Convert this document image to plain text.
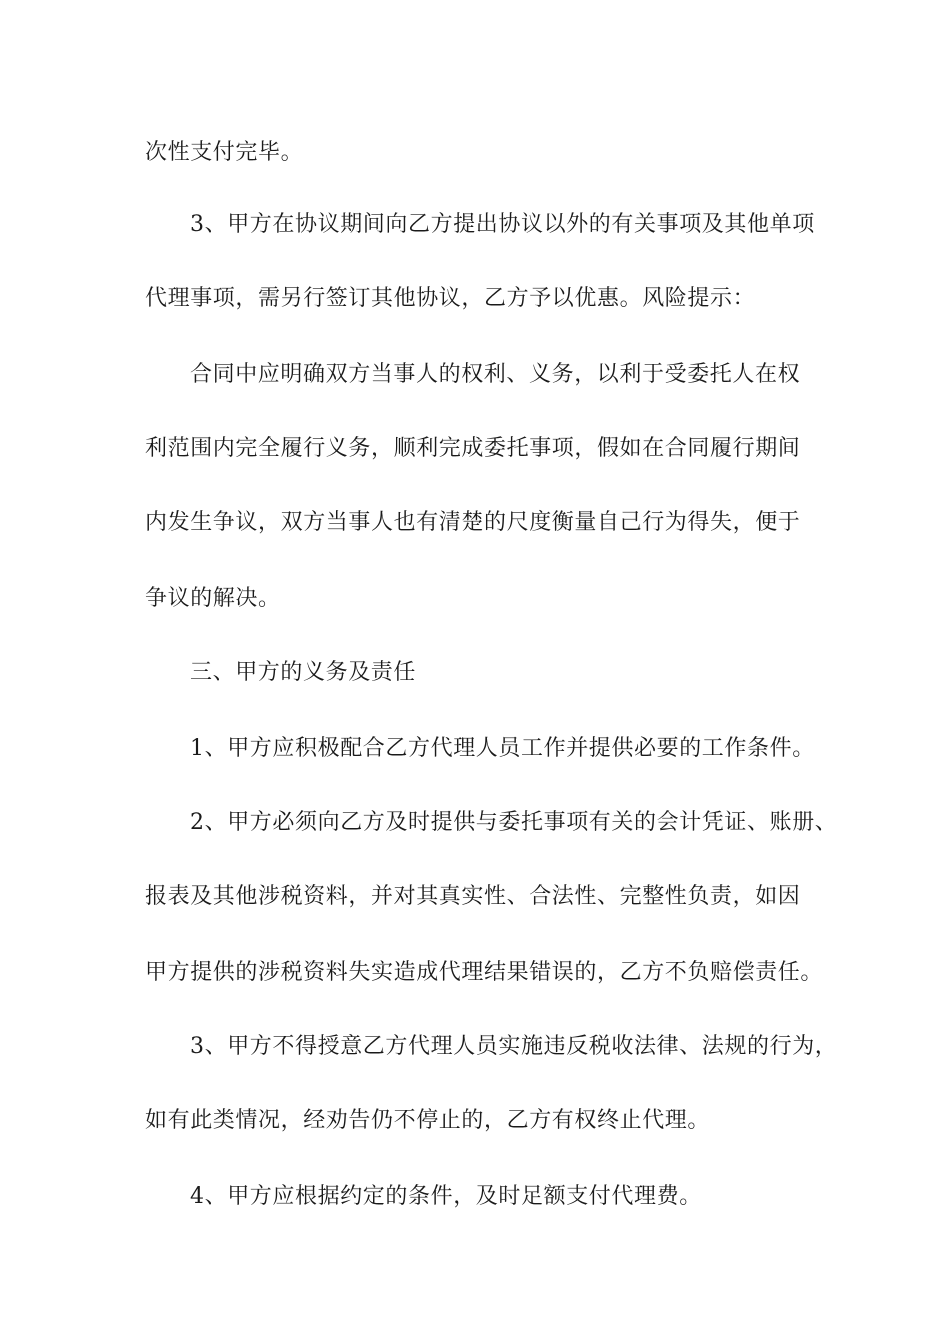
次性支付完毕。
3、甲方在协议期间向乙方提出协议以外的有关事项及其他单项
代理事项，需另行签订其他协议，乙方予以优惠。风险提示：
合同中应明确双方当事人的权利、义务，以利于受委托人在权
利范围内完全履行义务，顺利完成委托事项，假如在合同履行期间
内发生争议，双方当事人也有清楚的尺度衡量自己行为得失，便于
争议的解决。
三、甲方的义务及责任
1、甲方应积极配合乙方代理人员工作并提供必要的工作条件。
2、甲方必须向乙方及时提供与委托事项有关的会计凭证、账册、
报表及其他涉税资料，并对其真实性、合法性、完整性负责，如因
甲方提供的涉税资料失实造成代理结果错误的，乙方不负赔偿责任。
3、甲方不得授意乙方代理人员实施违反税收法律、法规的行为，
如有此类情况，经劝告仍不停止的，乙方有权终止代理。
4、甲方应根据约定的条件，及时足额支付代理费。
